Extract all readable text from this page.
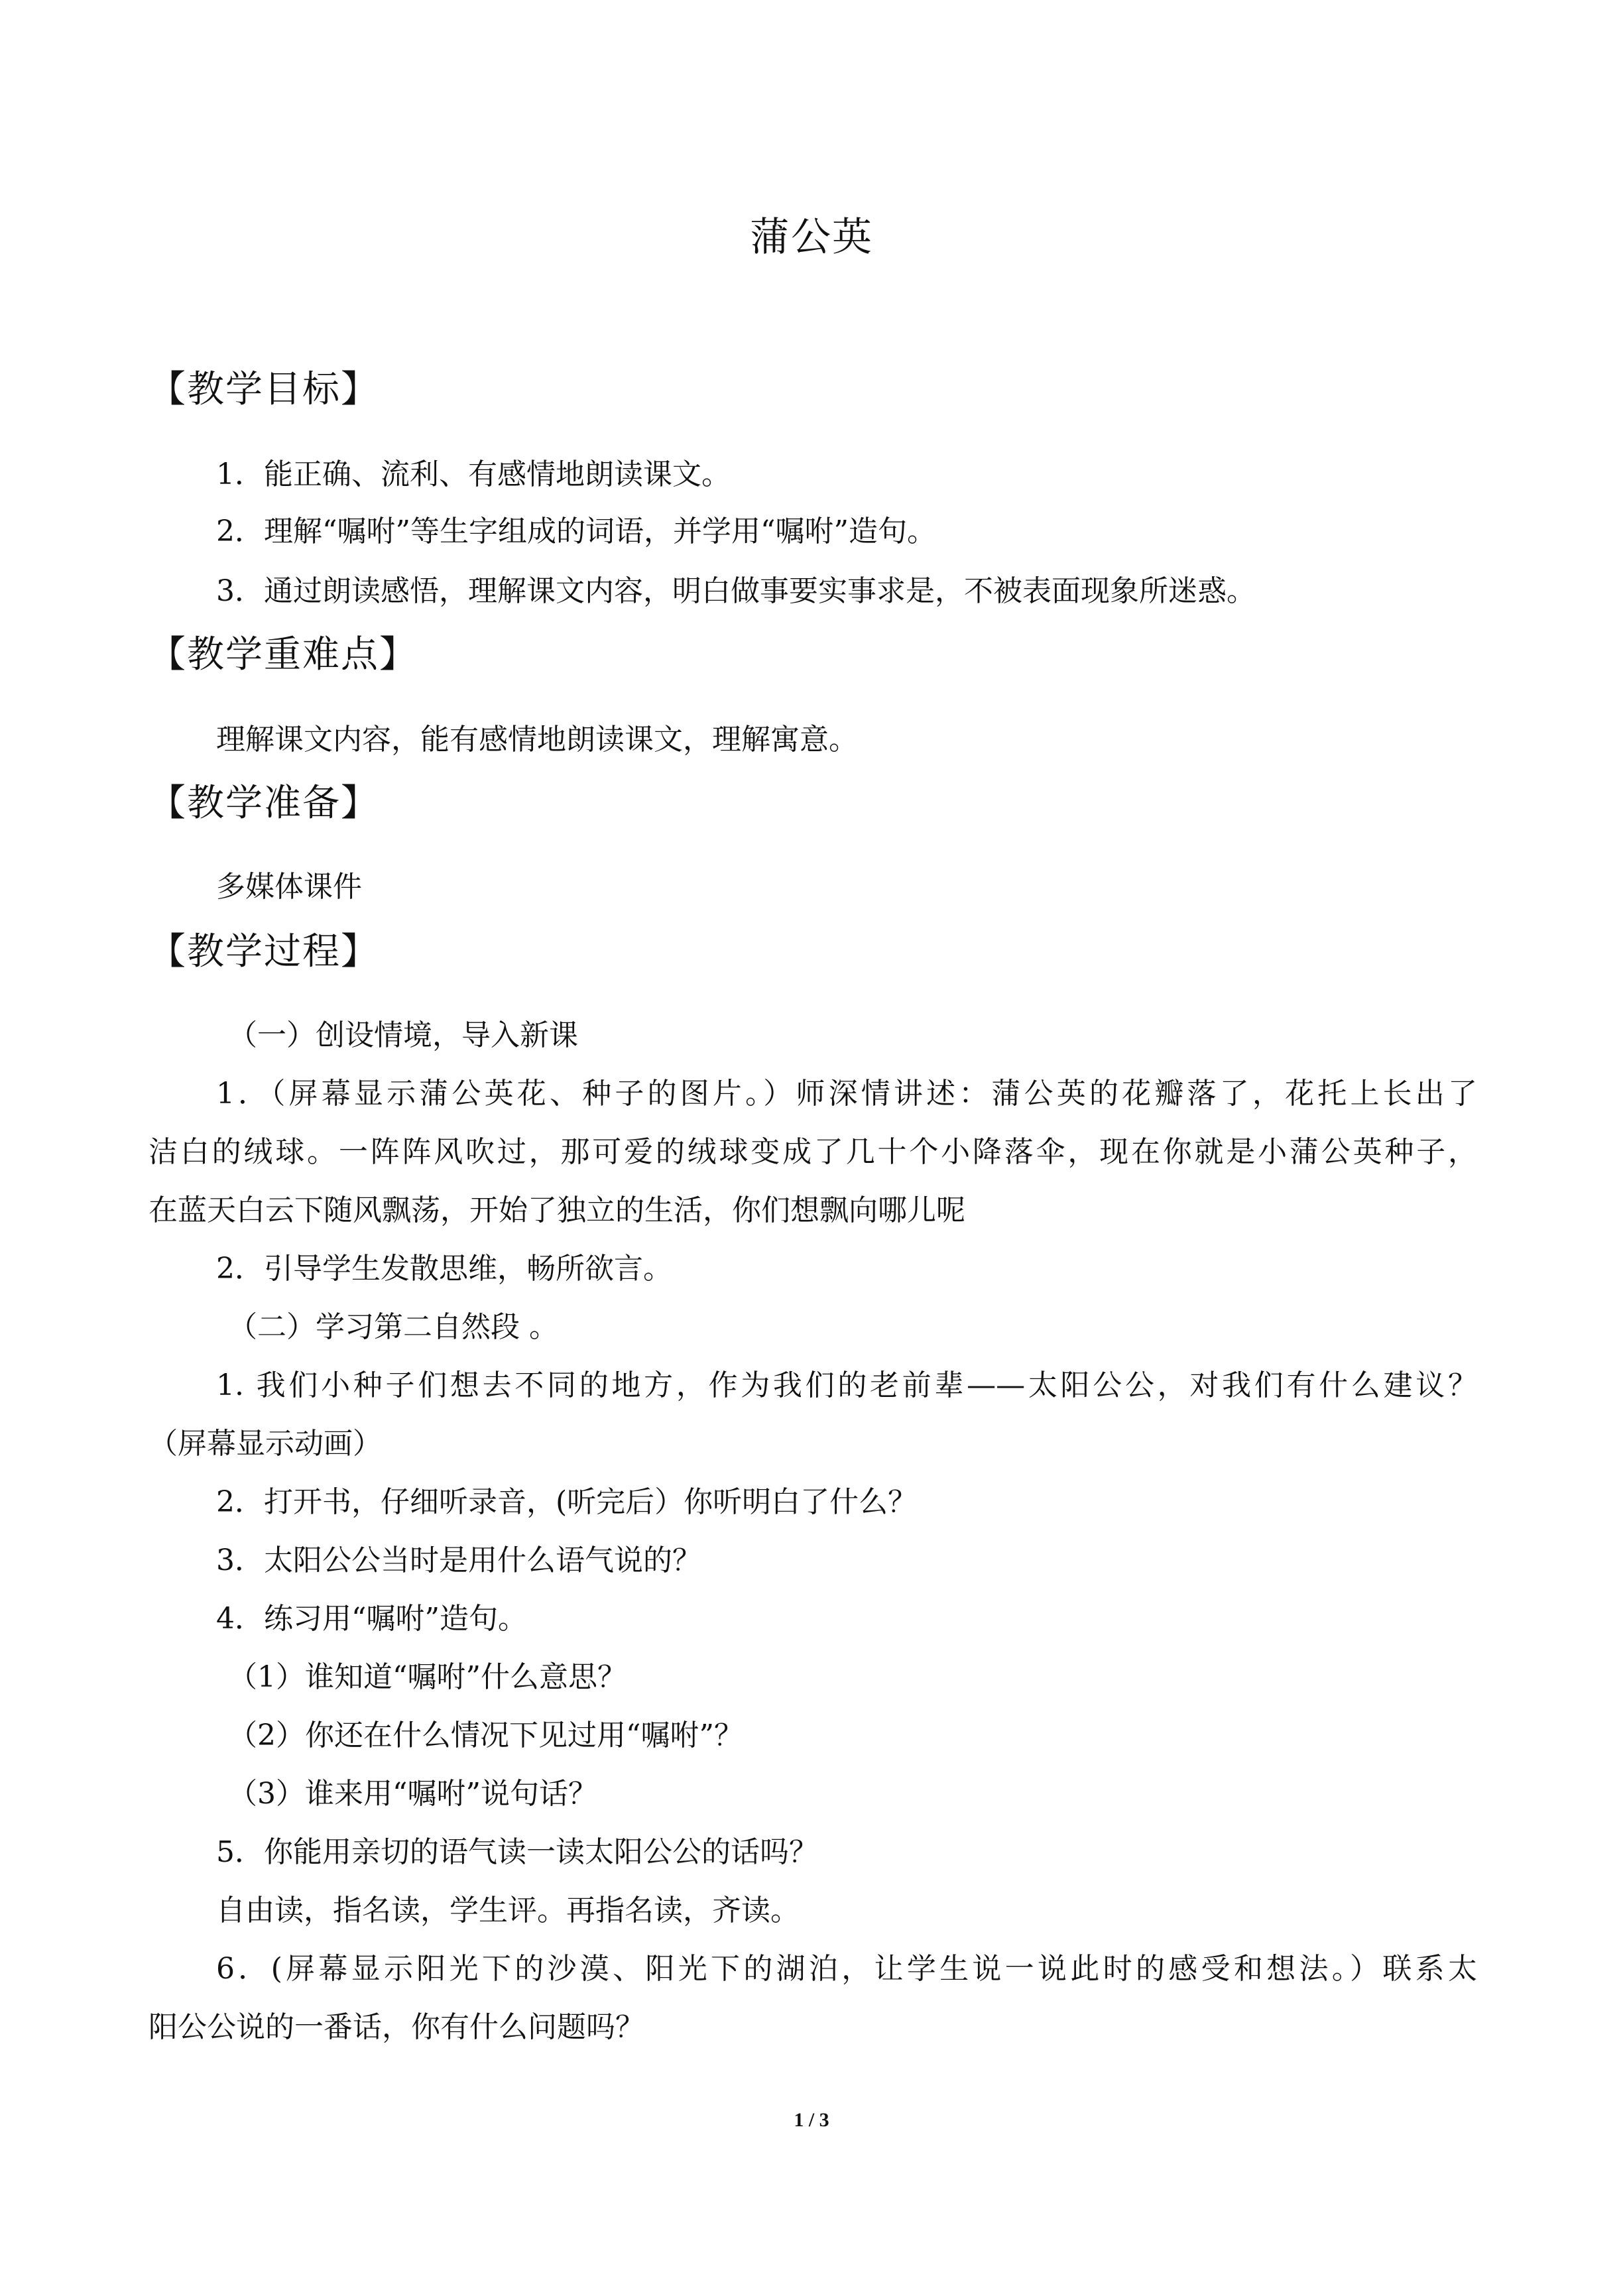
蒲公英
【教学目标】
1．能正确、流利、有感情地朗读课文。
2．理解“嘱咐”等生字组成的词语，并学用“嘱咐”造句。
3．通过朗读感悟，理解课文内容，明白做事要实事求是，不被表面现象所迷惑。
【教学重难点】
理解课文内容，能有感情地朗读课文，理解寓意。
【教学准备】
多媒体课件
【教学过程】
（一）创设情境，导入新课
1．（屏幕显示蒲公英花、种子的图片。）师深情讲述：蒲公英的花瓣落了，花托上长出了
洁白的绒球。一阵阵风吹过，那可爱的绒球变成了几十个小降落伞，现在你就是小蒲公英种子，
在蓝天白云下随风飘荡，开始了独立的生活，你们想飘向哪儿呢
2．引导学生发散思维，畅所欲言。
（二）学习第二自然段 。
1. 我们小种子们想去不同的地方，作为我们的老前辈——太阳公公，对我们有什么建议？
（屏幕显示动画）
2．打开书，仔细听录音，(听完后）你听明白了什么？
3．太阳公公当时是用什么语气说的？
4．练习用“嘱咐”造句。
（1）谁知道“嘱咐”什么意思？
（2）你还在什么情况下见过用“嘱咐”？
（3）谁来用“嘱咐”说句话？
5．你能用亲切的语气读一读太阳公公的话吗？
自由读，指名读，学生评。再指名读，齐读。
6．(屏幕显示阳光下的沙漠、阳光下的湖泊，让学生说一说此时的感受和想法。）联系太
阳公公说的一番话，你有什么问题吗？
1 / 3
